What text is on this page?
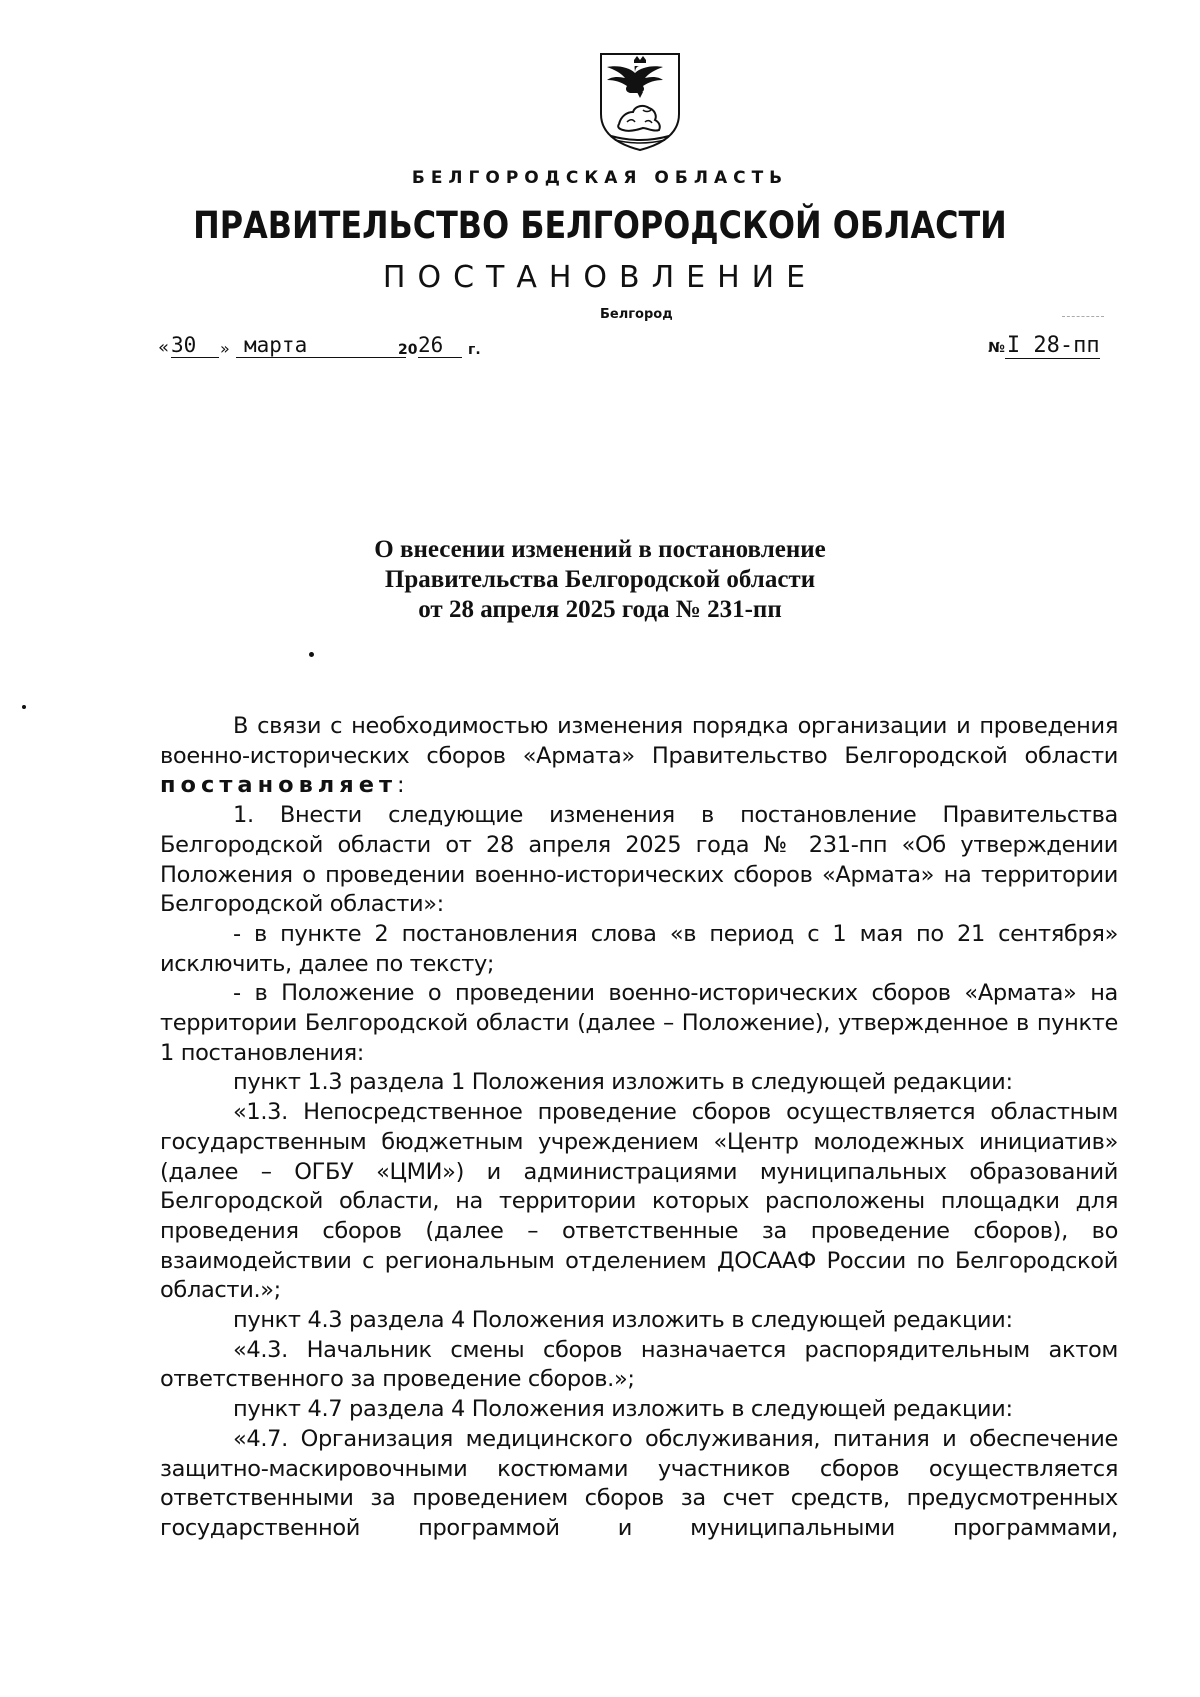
БЕЛГОРОДСКАЯ ОБЛАСТЬ
ПРАВИТЕЛЬСТВО БЕЛГОРОДСКОЙ ОБЛАСТИ
ПОСТАНОВЛЕНИЕ
Белгород
« 30	» марта	20 26	г.	№I 28-пп
О внесении изменений в постановление
Правительства Белгородской области
от 28 апреля 2025 года № 231-пп

В связи с необходимостью изменения порядка организации и проведения военно-исторических сборов «Армата» Правительство Белгородской области постановляет:

1. Внести следующие изменения в постановление Правительства Белгородской области от 28 апреля 2025 года № 231-пп «Об утверждении Положения о проведении военно-исторических сборов «Армата» на территории Белгородской области»:

- в пункте 2 постановления слова «в период с 1 мая по 21 сентября» исключить, далее по тексту;

- в Положение о проведении военно-исторических сборов «Армата» на территории Белгородской области (далее – Положение), утвержденное в пункте 1 постановления:

пункт 1.3 раздела 1 Положения изложить в следующей редакции:

«1.3. Непосредственное проведение сборов осуществляется областным государственным бюджетным учреждением «Центр молодежных инициатив» (далее – ОГБУ «ЦМИ») и администрациями муниципальных образований Белгородской области, на территории которых расположены площадки для проведения сборов (далее – ответственные за проведение сборов), во взаимодействии с региональным отделением ДОСААФ России по Белгородской области.»;

пункт 4.3 раздела 4 Положения изложить в следующей редакции:

«4.3. Начальник смены сборов назначается распорядительным актом ответственного за проведение сборов.»;

пункт 4.7 раздела 4 Положения изложить в следующей редакции:

«4.7. Организация медицинского обслуживания, питания и обеспечение защитно-маскировочными костюмами участников сборов осуществляется ответственными за проведением сборов за счет средств, предусмотренных государственной программой и муниципальными программами,
